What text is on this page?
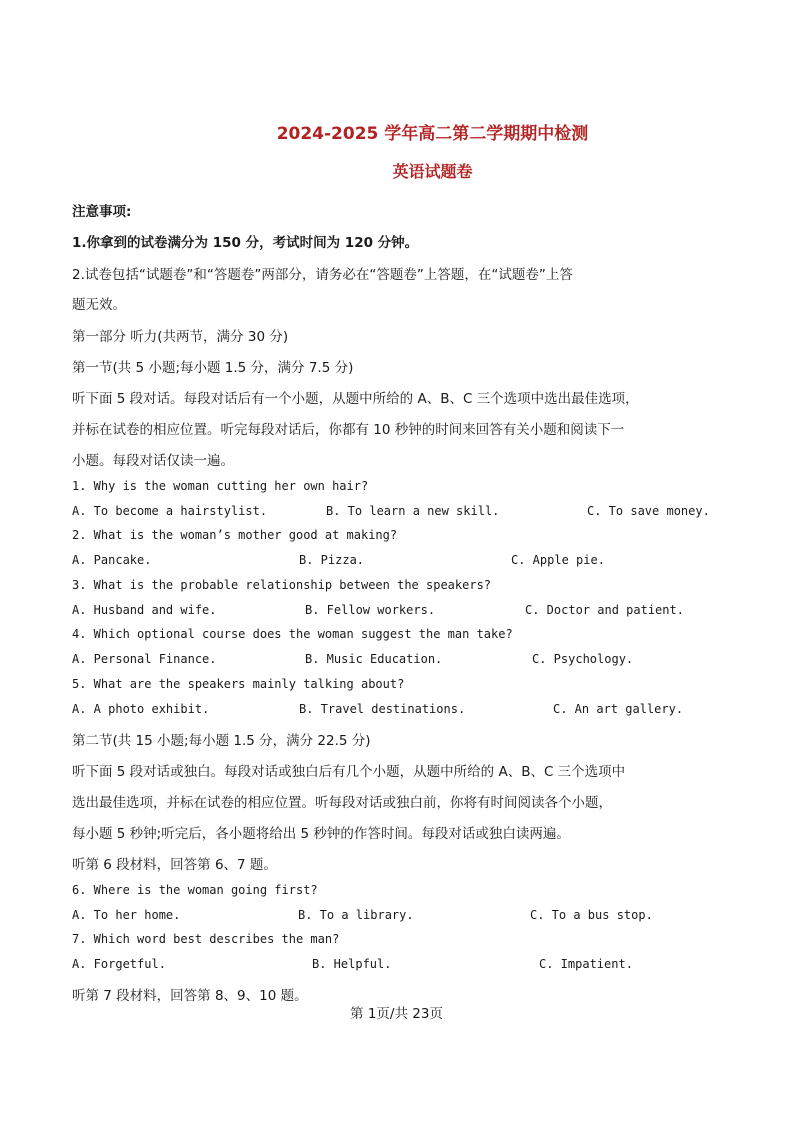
2024-2025 学年高二第二学期期中检测
英语试题卷
注意事项:
1.你拿到的试卷满分为 150 分，考试时间为 120 分钟。
2.试卷包括“试题卷”和“答题卷”两部分，请务必在“答题卷”上答题，在“试题卷”上答
题无效。
第一部分 听力(共两节，满分 30 分)
第一节(共 5 小题;每小题 1.5 分，满分 7.5 分)
听下面 5 段对话。每段对话后有一个小题，从题中所给的 A、B、C 三个选项中选出最佳选项，
并标在试卷的相应位置。听完每段对话后，你都有 10 秒钟的时间来回答有关小题和阅读下一
小题。每段对话仅读一遍。
1. Why is the woman cutting her own hair?
A. To become a hairstylist.	B. To learn a new skill.	C. To save money.
2. What is the woman’s mother good at making?
A. Pancake.	B. Pizza.	C. Apple pie.
3. What is the probable relationship between the speakers?
A. Husband and wife.	B. Fellow workers.	C. Doctor and patient.
4. Which optional course does the woman suggest the man take?
A. Personal Finance.	B. Music Education.	C. Psychology.
5. What are the speakers mainly talking about?
A. A photo exhibit.	B. Travel destinations.	C. An art gallery.
第二节(共 15 小题;每小题 1.5 分，满分 22.5 分)
听下面 5 段对话或独白。每段对话或独白后有几个小题，从题中所给的 A、B、C 三个选项中
选出最佳选项，并标在试卷的相应位置。听每段对话或独白前，你将有时间阅读各个小题，
每小题 5 秒钟;听完后，各小题将给出 5 秒钟的作答时间。每段对话或独白读两遍。
听第 6 段材料，回答第 6、7 题。
6. Where is the woman going first?
A. To her home.	B. To a library.	C. To a bus stop.
7. Which word best describes the man?
A. Forgetful.	B. Helpful.	C. Impatient.
听第 7 段材料，回答第 8、9、10 题。
第 1页/共 23页
